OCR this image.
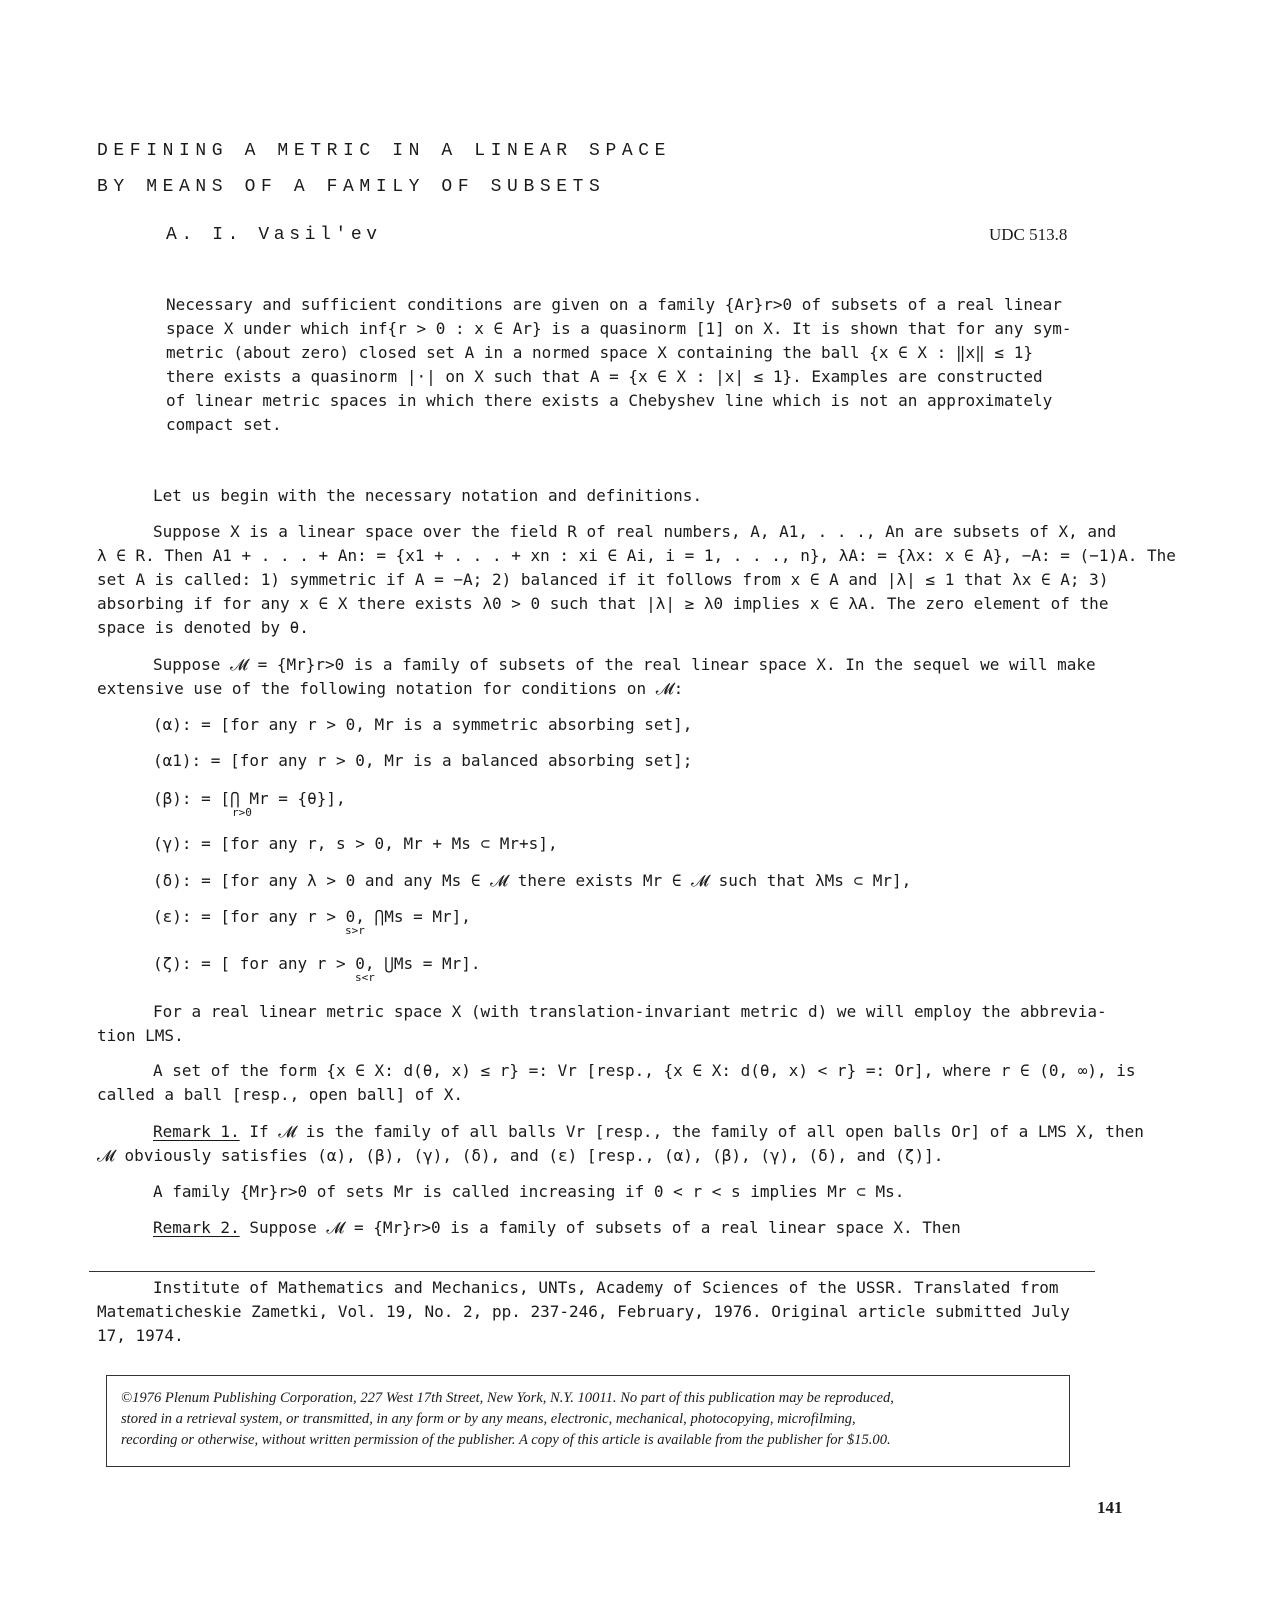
DEFINING A METRIC IN A LINEAR SPACE
BY MEANS OF A FAMILY OF SUBSETS
A. I. Vasil'ev	UDC 513.8
Necessary and sufficient conditions are given on a family {Ar}r>0 of subsets of a real linear
space X under which inf{r > 0 : x ∈ Ar} is a quasinorm [1] on X. It is shown that for any sym-
metric (about zero) closed set A in a normed space X containing the ball {x ∈ X : ‖x‖ ≤ 1}
there exists a quasinorm |·| on X such that A = {x ∈ X : |x| ≤ 1}. Examples are constructed
of linear metric spaces in which there exists a Chebyshev line which is not an approximately
compact set.
Let us begin with the necessary notation and definitions.
Suppose X is a linear space over the field R of real numbers, A, A1, . . ., An are subsets of X, and
λ ∈ R. Then A1 + . . . + An: = {x1 + . . . + xn : xi ∈ Ai, i = 1, . . ., n}, λA: = {λx: x ∈ A}, −A: = (−1)A. The
set A is called: 1) symmetric if A = −A; 2) balanced if it follows from x ∈ A and |λ| ≤ 1 that λx ∈ A; 3)
absorbing if for any x ∈ X there exists λ0 > 0 such that |λ| ≥ λ0 implies x ∈ λA. The zero element of the
space is denoted by θ.
Suppose 𝓜 = {Mr}r>0 is a family of subsets of the real linear space X. In the sequel we will make
extensive use of the following notation for conditions on 𝓜:
(α): = [for any r > 0, Mr is a symmetric absorbing set],
(α1): = [for any r > 0, Mr is a balanced absorbing set];
(β): = [⋂ Mr = {θ}],
r>0
(γ): = [for any r, s > 0, Mr + Ms ⊂ Mr+s],
(δ): = [for any λ > 0 and any Ms ∈ 𝓜 there exists Mr ∈ 𝓜 such that λMs ⊂ Mr],
(ε): = [for any r > 0, ⋂Ms = Mr],
s>r
(ζ): = [ for any r > 0, ⋃Ms = Mr].
s<r
For a real linear metric space X (with translation-invariant metric d) we will employ the abbrevia-
tion LMS.
A set of the form {x ∈ X: d(θ, x) ≤ r} =: Vr [resp., {x ∈ X: d(θ, x) < r} =: Or], where r ∈ (0, ∞), is
called a ball [resp., open ball] of X.
Remark 1. If 𝓜 is the family of all balls Vr [resp., the family of all open balls Or] of a LMS X, then
𝓜 obviously satisfies (α), (β), (γ), (δ), and (ε) [resp., (α), (β), (γ), (δ), and (ζ)].
A family {Mr}r>0 of sets Mr is called increasing if 0 < r < s implies Mr ⊂ Ms.
Remark 2. Suppose 𝓜 = {Mr}r>0 is a family of subsets of a real linear space X. Then
Institute of Mathematics and Mechanics, UNTs, Academy of Sciences of the USSR. Translated from
Matematicheskie Zametki, Vol. 19, No. 2, pp. 237-246, February, 1976. Original article submitted July
17, 1974.
©1976 Plenum Publishing Corporation, 227 West 17th Street, New York, N.Y. 10011. No part of this publication may be reproduced,
stored in a retrieval system, or transmitted, in any form or by any means, electronic, mechanical, photocopying, microfilming,
recording or otherwise, without written permission of the publisher. A copy of this article is available from the publisher for $15.00.
141
